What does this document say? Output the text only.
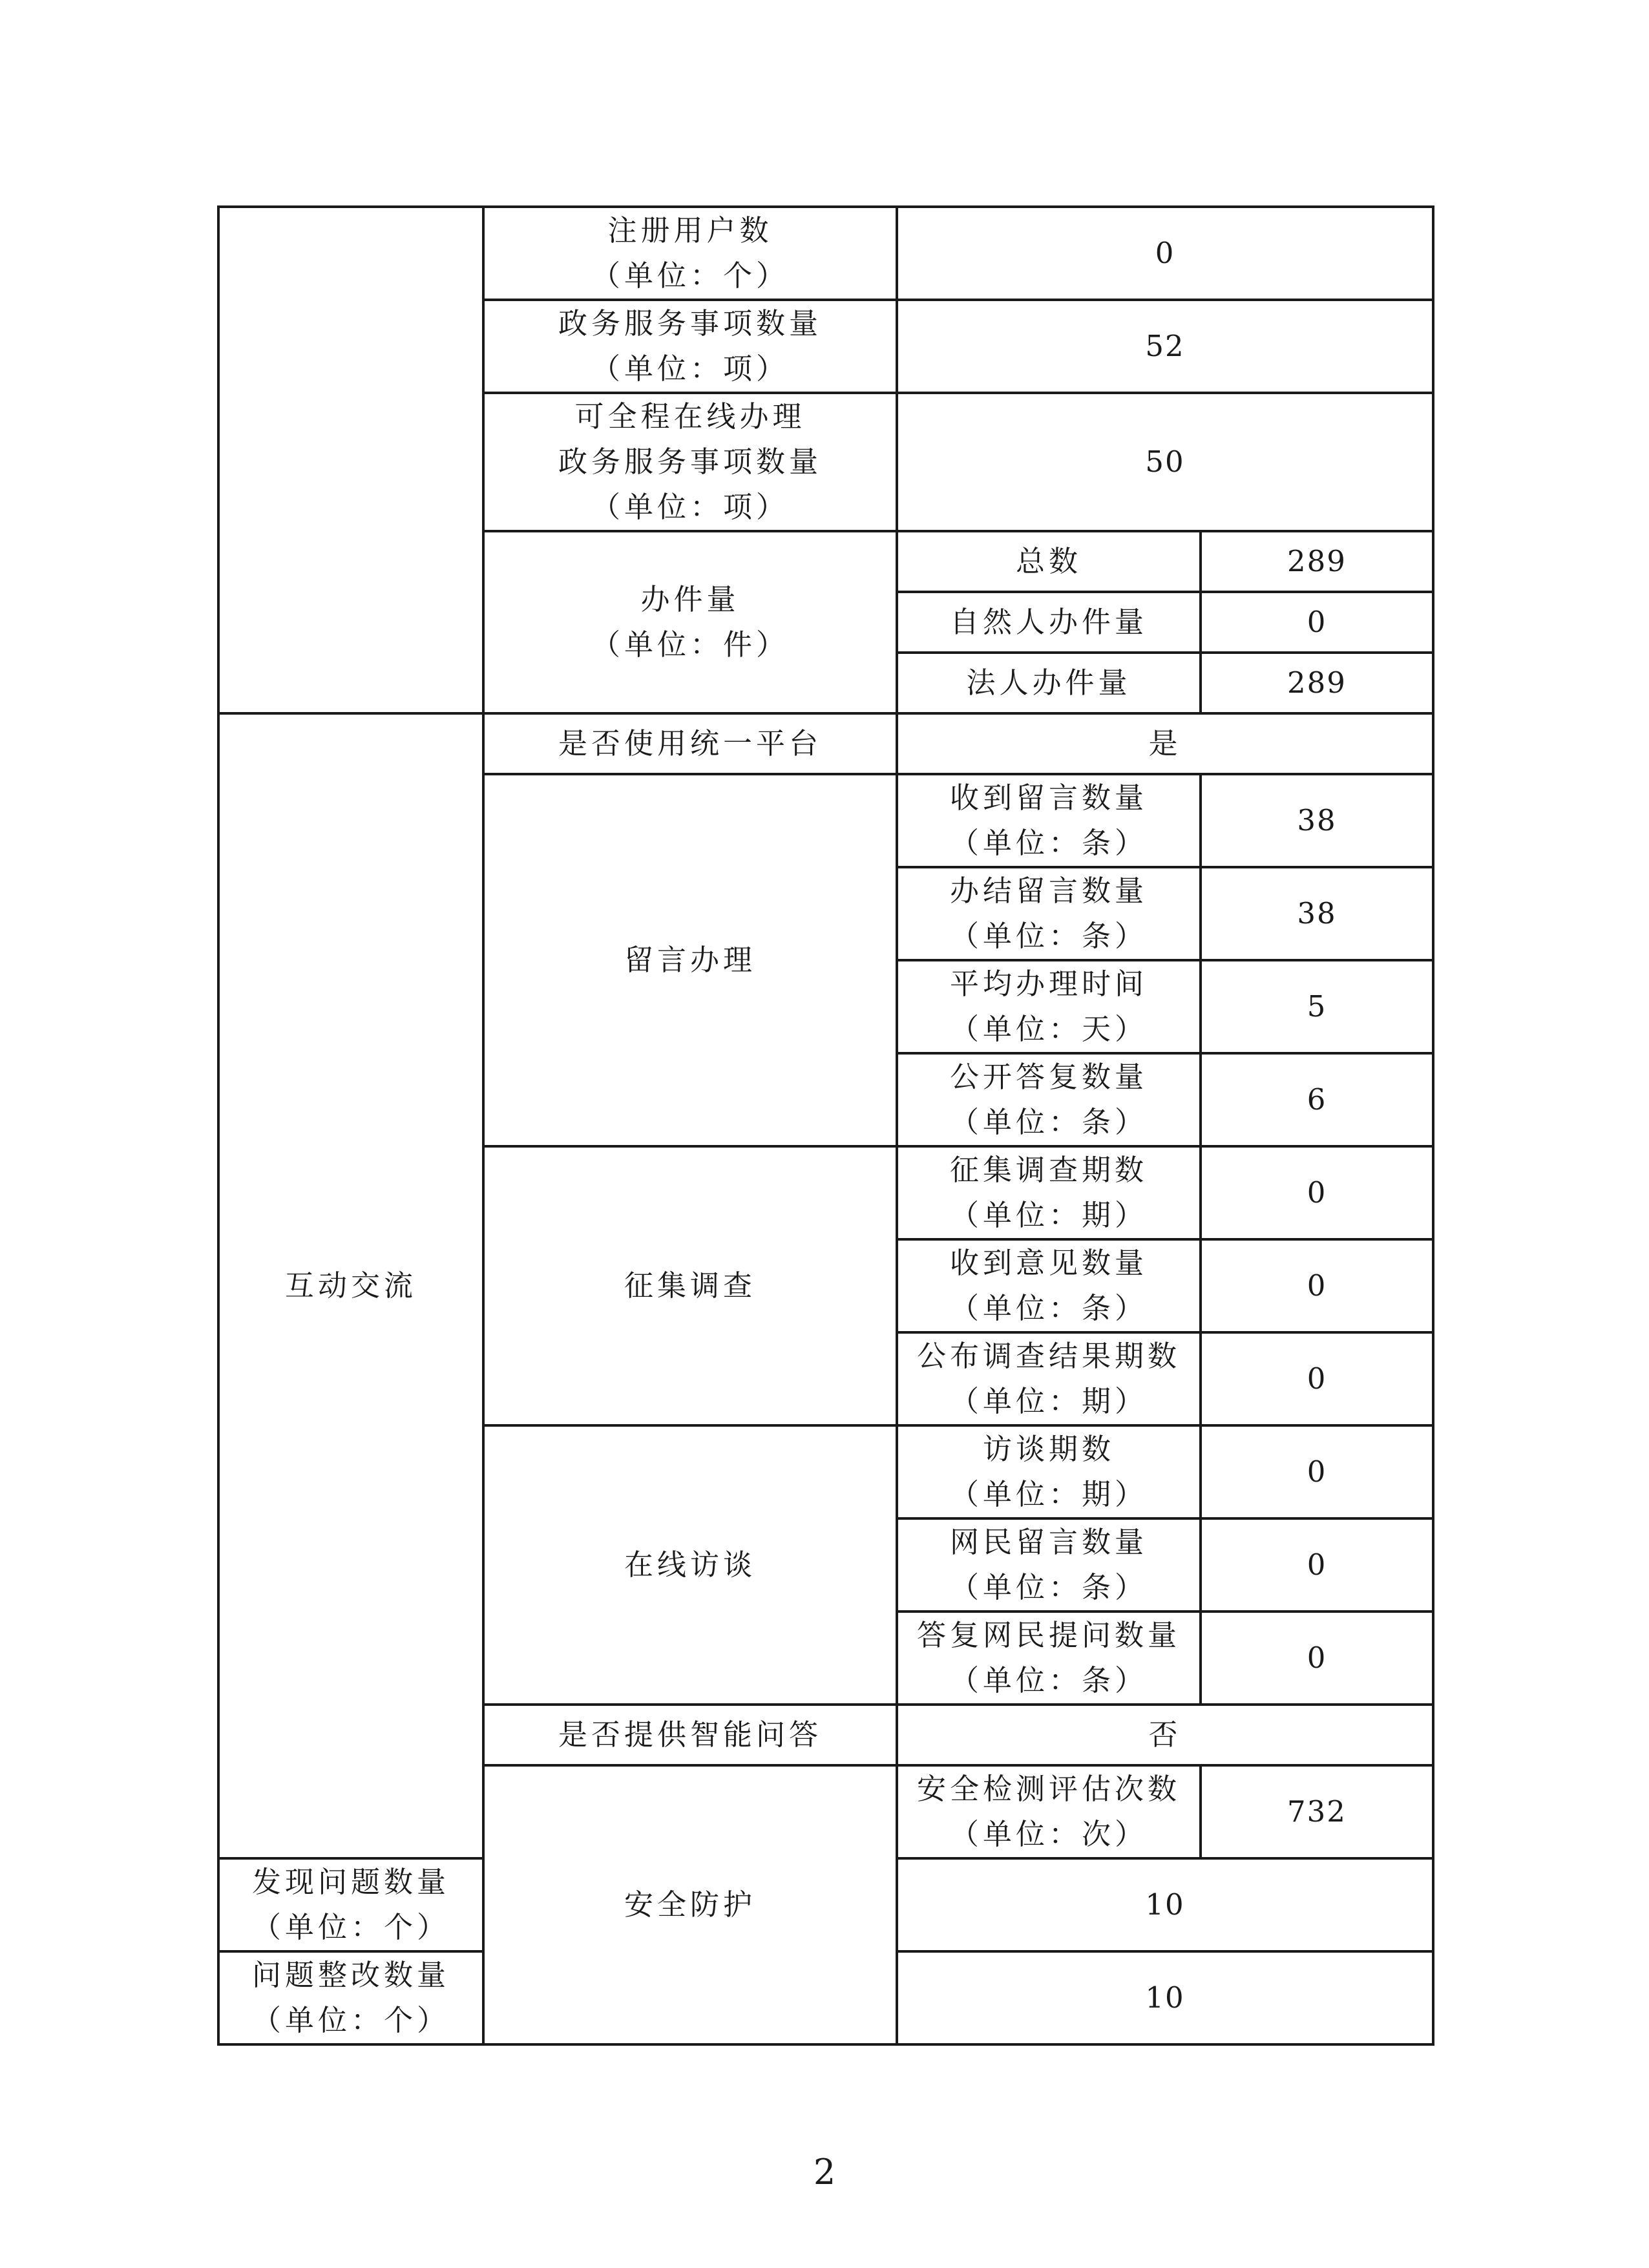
	注册用户数
（单位：个）	0	

	政务服务事项数量
（单位：项）	52	

	可全程在线办理
政务服务事项数量
（单位：项）	50	

	办件量
（单位：件）	总数	289
		自然人办件量	0
		法人办件量	289
互动交流	是否使用统一平台	是	
	留言办理	收到留言数量
（单位：条）	38

		办结留言数量
（单位：条）	38

		平均办理时间
（单位：天）	5

		公开答复数量
（单位：条）	6
	征集调查	征集调查期数
（单位：期）	0

		收到意见数量
（单位：条）	0

		公布调查结果期数
（单位：期）	0
	在线访谈	访谈期数
（单位：期）	0

		网民留言数量
（单位：条）	0

		答复网民提问数量
（单位：条）	0
	是否提供智能问答	否	
	安全防护	安全检测评估次数
（单位：次）	732

发现问题数量
（单位：个）		10	

问题整改数量
（单位：个）		10	
2
